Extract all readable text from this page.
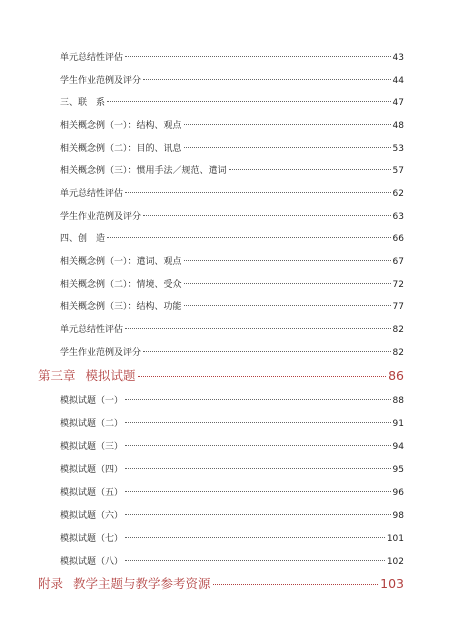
单元总结性评估	43
学生作业范例及评分	44
三、联　系	47
相关概念例（一）：结构、观点	48
相关概念例（二）：目的、讯息	53
相关概念例（三）：惯用手法／规范、遣词	57
单元总结性评估	62
学生作业范例及评分	63
四、创　造	66
相关概念例（一）：遣词、观点	67
相关概念例（二）：情境、受众	72
相关概念例（三）：结构、功能	77
单元总结性评估	82
学生作业范例及评分	82
第三章 模拟试题	86
模拟试题（一）	88
模拟试题（二）	91
模拟试题（三）	94
模拟试题（四）	95
模拟试题（五）	96
模拟试题（六）	98
模拟试题（七）	101
模拟试题（八）	102
附录 教学主题与教学参考资源	103
